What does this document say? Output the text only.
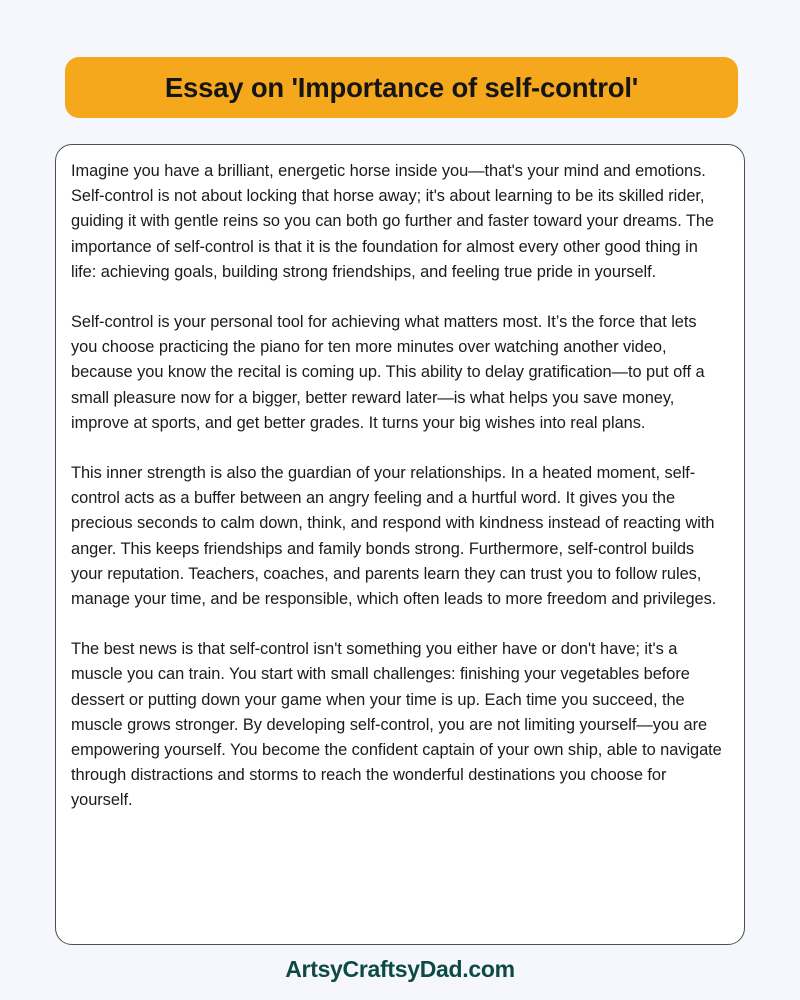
Essay on 'Importance of self-control'

Imagine you have a brilliant, energetic horse inside you—that's your mind and emotions. Self-control is not about locking that horse away; it's about learning to be its skilled rider, guiding it with gentle reins so you can both go further and faster toward your dreams. The importance of self-control is that it is the foundation for almost every other good thing in life: achieving goals, building strong friendships, and feeling true pride in yourself.

Self-control is your personal tool for achieving what matters most. It’s the force that lets you choose practicing the piano for ten more minutes over watching another video, because you know the recital is coming up. This ability to delay gratification—to put off a small pleasure now for a bigger, better reward later—is what helps you save money, improve at sports, and get better grades. It turns your big wishes into real plans.

This inner strength is also the guardian of your relationships. In a heated moment, self-control acts as a buffer between an angry feeling and a hurtful word. It gives you the precious seconds to calm down, think, and respond with kindness instead of reacting with anger. This keeps friendships and family bonds strong. Furthermore, self-control builds your reputation. Teachers, coaches, and parents learn they can trust you to follow rules, manage your time, and be responsible, which often leads to more freedom and privileges.

The best news is that self-control isn't something you either have or don't have; it's a muscle you can train. You start with small challenges: finishing your vegetables before dessert or putting down your game when your time is up. Each time you succeed, the muscle grows stronger. By developing self-control, you are not limiting yourself—you are empowering yourself. You become the confident captain of your own ship, able to navigate through distractions and storms to reach the wonderful destinations you choose for yourself.

ArtsyCraftsyDad.com
